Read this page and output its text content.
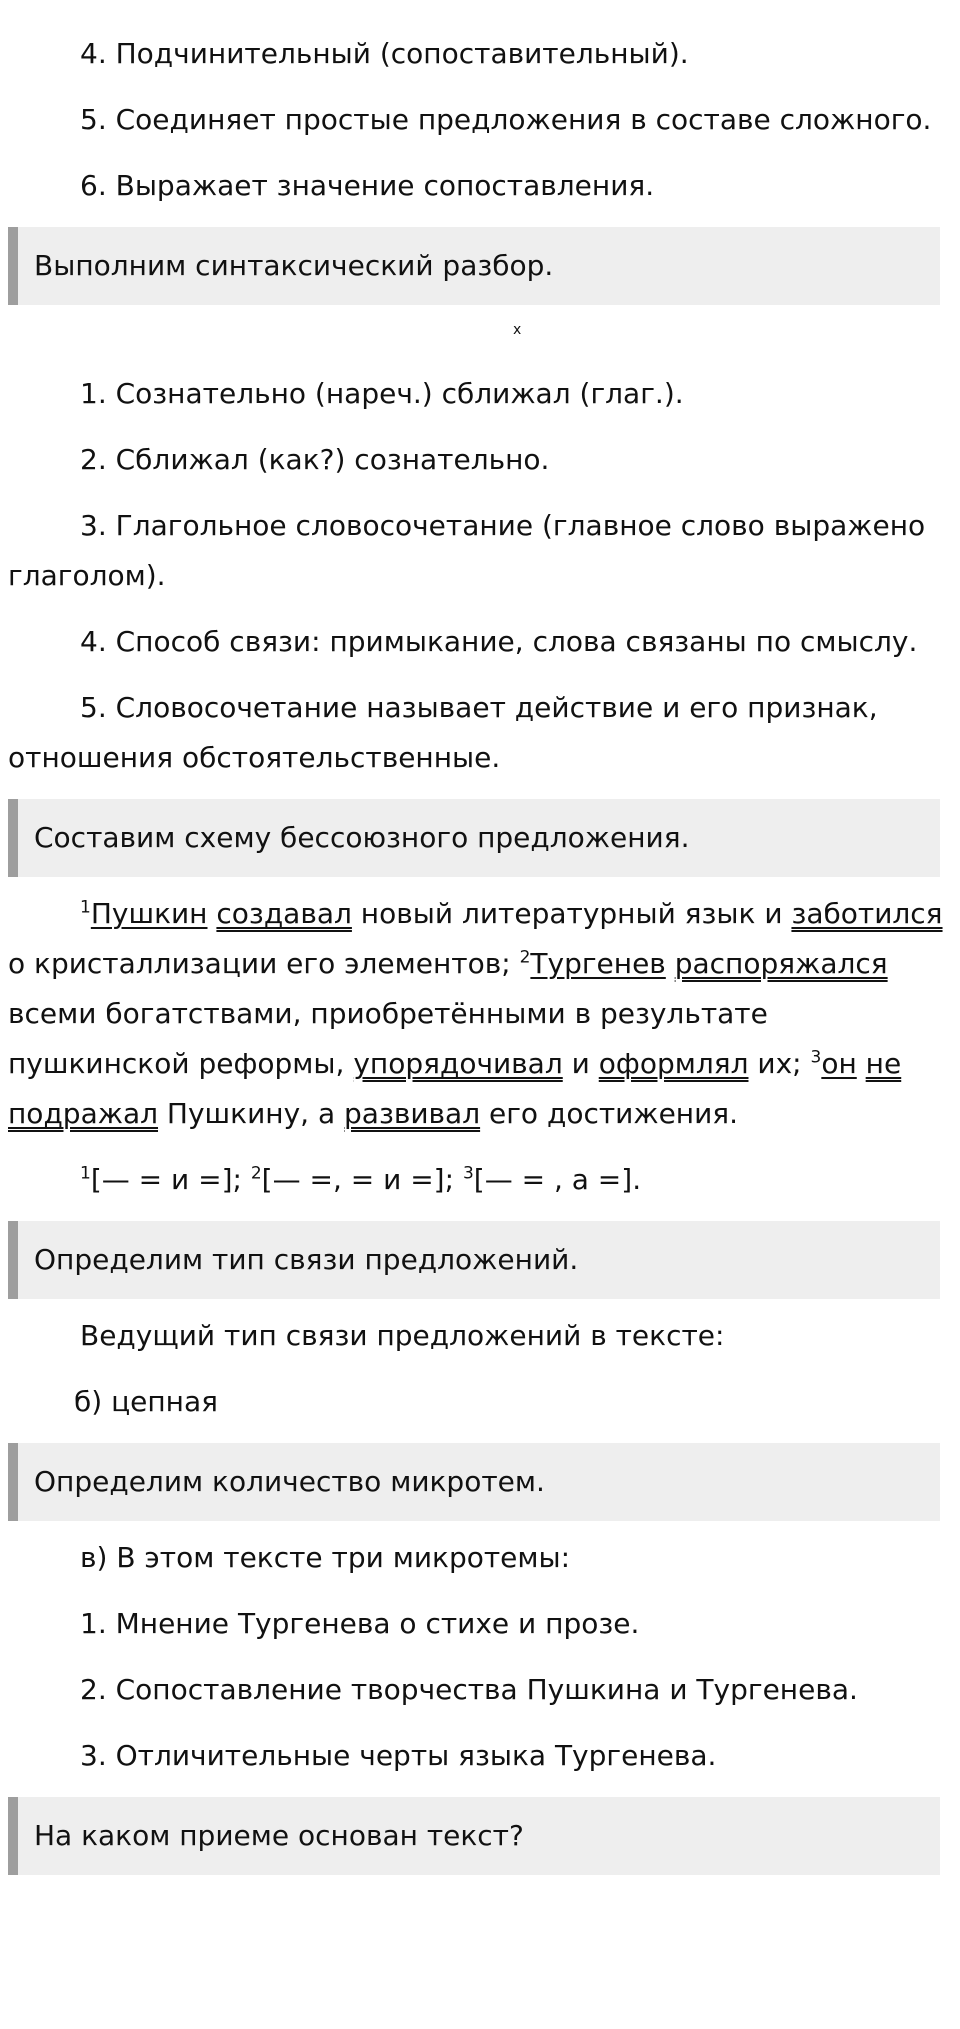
4. Подчинительный (сопоставительный).

5. Соединяет простые предложения в составе сложного.

6. Выражает значение сопоставления.

Выполним синтаксический разбор.
x

1. Сознательно (нареч.) сближал (глаг.).

2. Сближал (как?) сознательно.

3. Глагольное словосочетание (главное слово выражено глаголом).

4. Способ связи: примыкание, слова связаны по смыслу.

5. Словосочетание называет действие и его признак, отношения обстоятельственные.

Составим схему бессоюзного предложения.

$^1$Пушкин создавал новый литературный язык и заботился о кристаллизации его элементов; $^2$Тургенев распоряжался всеми богатствами, приобретёнными в результате пушкинской реформы, упорядочивал и оформлял их; $^3$он не подражал Пушкину, а развивал его достижения.

$^1$[— = и =]; $^2$[— =, = и =]; $^3$[— = , а =].

Определим тип связи предложений.

Ведущий тип связи предложений в тексте:

б) цепная

Определим количество микротем.

в) В этом тексте три микротемы:

1. Мнение Тургенева о стихе и прозе.

2. Сопоставление творчества Пушкина и Тургенева.

3. Отличительные черты языка Тургенева.

На каком приеме основан текст?
